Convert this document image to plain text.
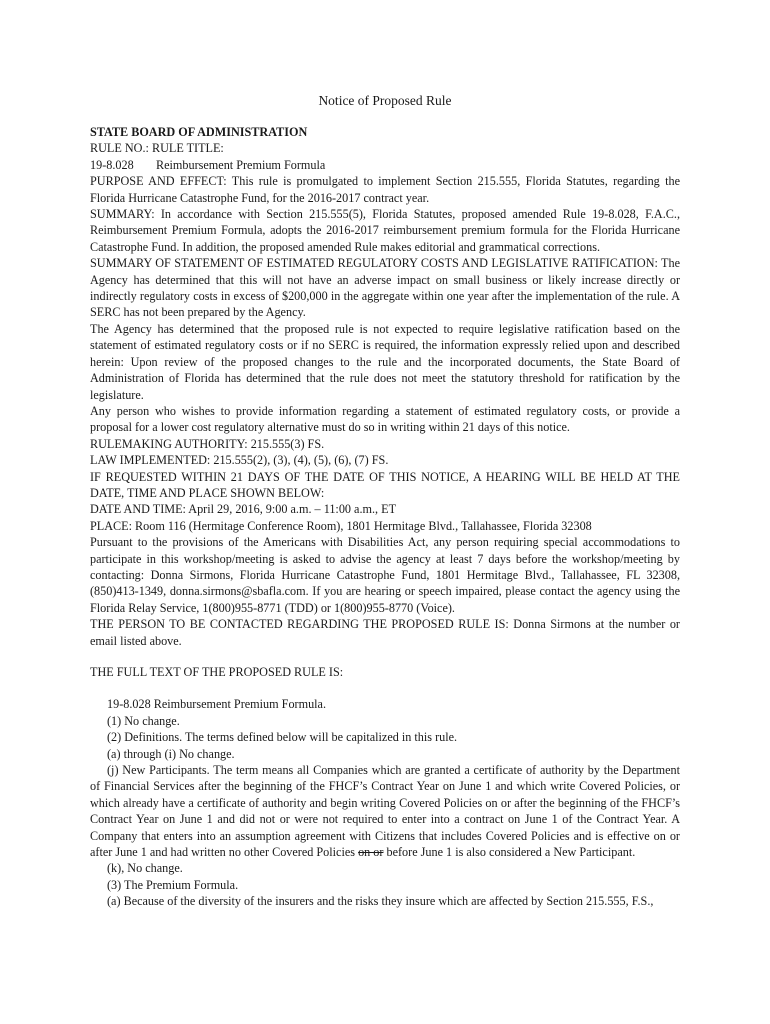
Notice of Proposed Rule

STATE BOARD OF ADMINISTRATION

RULE NO.: RULE TITLE:

19-8.028 Reimbursement Premium Formula

PURPOSE AND EFFECT: This rule is promulgated to implement Section 215.555, Florida Statutes, regarding the Florida Hurricane Catastrophe Fund, for the 2016-2017 contract year.

SUMMARY: In accordance with Section 215.555(5), Florida Statutes, proposed amended Rule 19-8.028, F.A.C., Reimbursement Premium Formula, adopts the 2016-2017 reimbursement premium formula for the Florida Hurricane Catastrophe Fund. In addition, the proposed amended Rule makes editorial and grammatical corrections.

SUMMARY OF STATEMENT OF ESTIMATED REGULATORY COSTS AND LEGISLATIVE RATIFICATION: The Agency has determined that this will not have an adverse impact on small business or likely increase directly or indirectly regulatory costs in excess of $200,000 in the aggregate within one year after the implementation of the rule. A SERC has not been prepared by the Agency.

The Agency has determined that the proposed rule is not expected to require legislative ratification based on the statement of estimated regulatory costs or if no SERC is required, the information expressly relied upon and described herein: Upon review of the proposed changes to the rule and the incorporated documents, the State Board of Administration of Florida has determined that the rule does not meet the statutory threshold for ratification by the legislature.

Any person who wishes to provide information regarding a statement of estimated regulatory costs, or provide a proposal for a lower cost regulatory alternative must do so in writing within 21 days of this notice.

RULEMAKING AUTHORITY: 215.555(3) FS.

LAW IMPLEMENTED: 215.555(2), (3), (4), (5), (6), (7) FS.

IF REQUESTED WITHIN 21 DAYS OF THE DATE OF THIS NOTICE, A HEARING WILL BE HELD AT THE DATE, TIME AND PLACE SHOWN BELOW:

DATE AND TIME: April 29, 2016, 9:00 a.m. – 11:00 a.m., ET

PLACE: Room 116 (Hermitage Conference Room), 1801 Hermitage Blvd., Tallahassee, Florida 32308

Pursuant to the provisions of the Americans with Disabilities Act, any person requiring special accommodations to participate in this workshop/meeting is asked to advise the agency at least 7 days before the workshop/meeting by contacting: Donna Sirmons, Florida Hurricane Catastrophe Fund, 1801 Hermitage Blvd., Tallahassee, FL 32308, (850)413-1349, donna.sirmons@sbafla.com. If you are hearing or speech impaired, please contact the agency using the Florida Relay Service, 1(800)955-8771 (TDD) or 1(800)955-8770 (Voice).

THE PERSON TO BE CONTACTED REGARDING THE PROPOSED RULE IS: Donna Sirmons at the number or email listed above.

THE FULL TEXT OF THE PROPOSED RULE IS:

19-8.028 Reimbursement Premium Formula.

(1) No change.

(2) Definitions. The terms defined below will be capitalized in this rule.

(a) through (i) No change.

(j) New Participants. The term means all Companies which are granted a certificate of authority by the Department of Financial Services after the beginning of the FHCF’s Contract Year on June 1 and which write Covered Policies, or which already have a certificate of authority and begin writing Covered Policies on or after the beginning of the FHCF’s Contract Year on June 1 and did not or were not required to enter into a contract on June 1 of the Contract Year. A Company that enters into an assumption agreement with Citizens that includes Covered Policies and is effective on or after June 1 and had written no other Covered Policies on or before June 1 is also considered a New Participant.

(k), No change.

(3) The Premium Formula.

(a) Because of the diversity of the insurers and the risks they insure which are affected by Section 215.555, F.S.,
